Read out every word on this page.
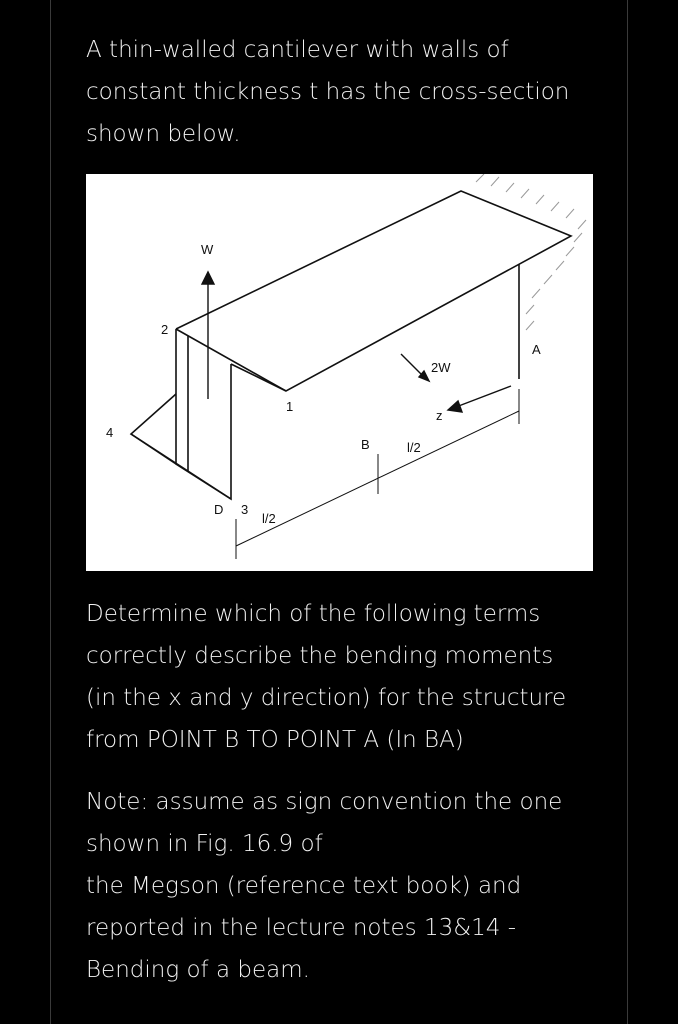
A thin-walled cantilever with walls of
constant thickness t has the cross-section
shown below.
W
2W
A
B
D
1
2
3
4
z
l/2
l/2
Determine which of the following terms
correctly describe the bending moments
(in the x and y direction) for the structure
from POINT B TO POINT A (In BA)
Note: assume as sign convention the one
shown in Fig. 16.9 of
the Megson (reference text book) and
reported in the lecture notes 13&14 -
Bending of a beam.
